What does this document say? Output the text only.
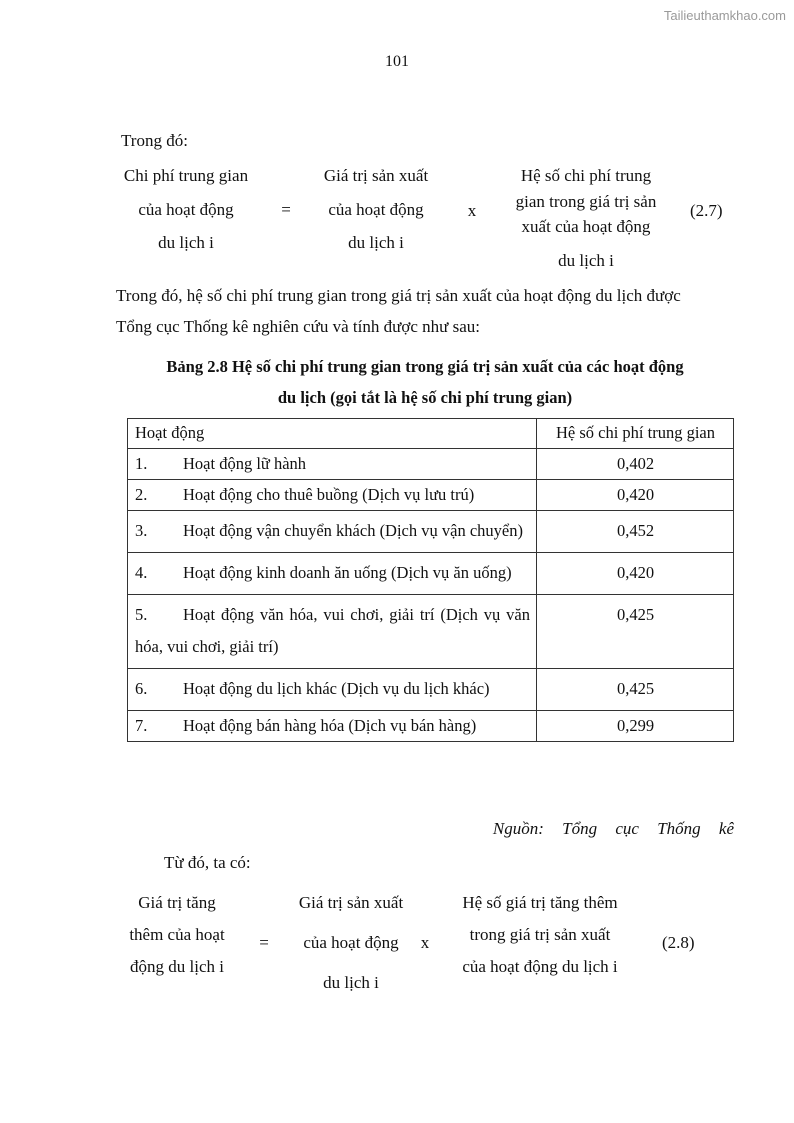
Tailieuthamkhao.com
101
Trong đó:
Chi phí trung gian
của hoạt động
du lịch i
=
Giá trị sản xuất
của hoạt động
du lịch i
x
Hệ số chi phí trung
gian trong giá trị sản
xuất của hoạt động
du lịch i
(2.7)
Trong đó, hệ số chi phí trung gian trong giá trị sản xuất của hoạt động du lịch được
Tổng cục Thống kê nghiên cứu và tính được như sau:
Bảng 2.8 Hệ số chi phí trung gian trong giá trị sản xuất của các hoạt động
du lịch (gọi tắt là hệ số chi phí trung gian)
Hoạt động	Hệ số chi phí trung gian
1. Hoạt động lữ hành	0,402
2. Hoạt động cho thuê buồng (Dịch vụ lưu trú)	0,420
3. Hoạt động vận chuyển khách (Dịch vụ vận chuyển)	0,452
4. Hoạt động kinh doanh ăn uống (Dịch vụ ăn uống)	0,420
5. Hoạt động văn hóa, vui chơi, giải trí (Dịch vụ văn hóa, vui chơi, giải trí)	0,425
6. Hoạt động du lịch khác (Dịch vụ du lịch khác)	0,425
7. Hoạt động bán hàng hóa (Dịch vụ bán hàng)	0,299
Nguồn: Tổng cục Thống kê
Từ đó, ta có:
Giá trị tăng
thêm của hoạt
động du lịch i
=
Giá trị sản xuất
của hoạt động
du lịch i
x
Hệ số giá trị tăng thêm
trong giá trị sản xuất
của hoạt động du lịch i
(2.8)
